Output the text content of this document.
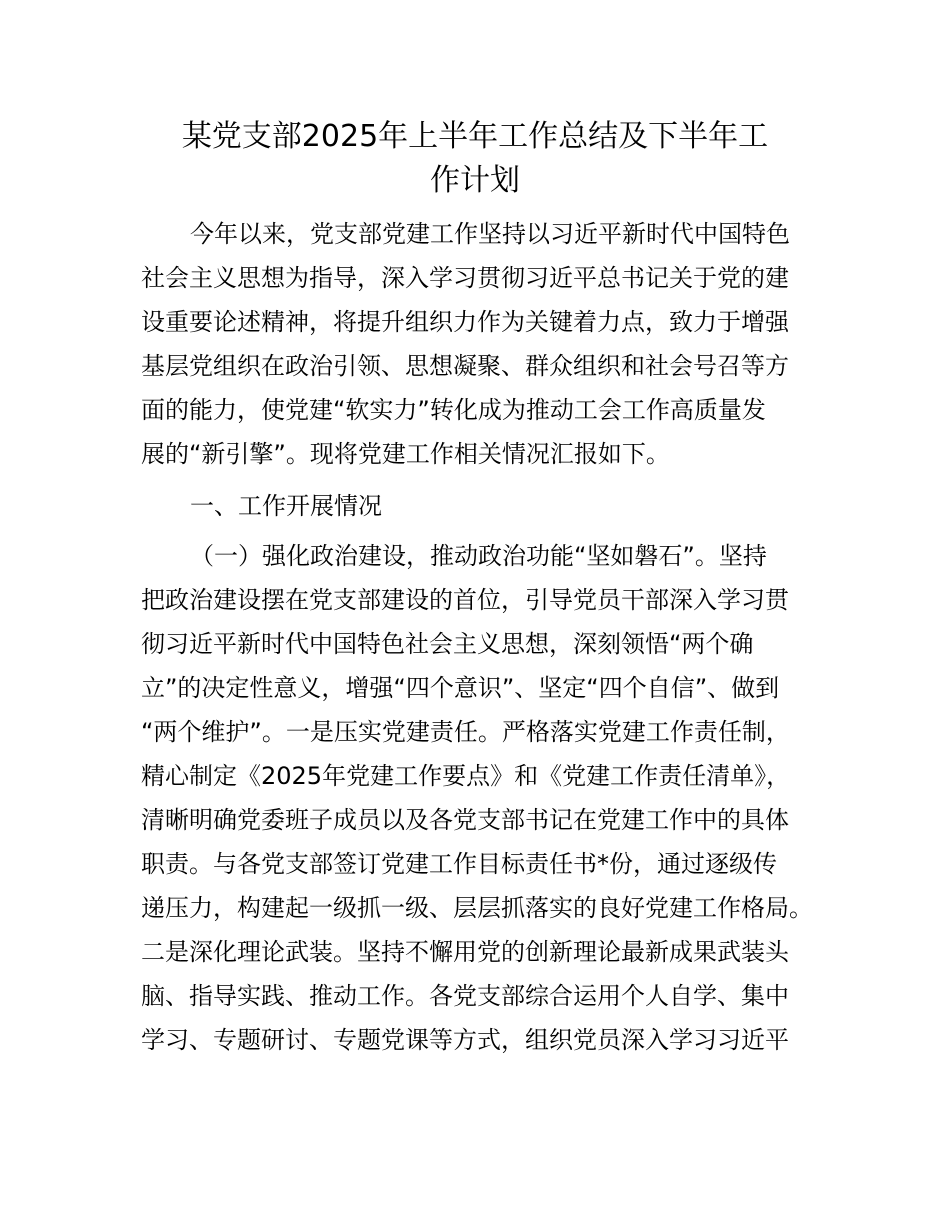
某党支部2025年上半年工作总结及下半年工
作计划

今年以来，党支部党建工作坚持以习近平新时代中国特色

社会主义思想为指导，深入学习贯彻习近平总书记关于党的建

设重要论述精神，将提升组织力作为关键着力点，致力于增强

基层党组织在政治引领、思想凝聚、群众组织和社会号召等方

面的能力，使党建“软实力”转化成为推动工会工作高质量发

展的“新引擎”。现将党建工作相关情况汇报如下。

一、工作开展情况

（一）强化政治建设，推动政治功能“坚如磐石”。坚持

把政治建设摆在党支部建设的首位，引导党员干部深入学习贯

彻习近平新时代中国特色社会主义思想，深刻领悟“两个确

立”的决定性意义，增强“四个意识”、坚定“四个自信”、做到

“两个维护”。一是压实党建责任。严格落实党建工作责任制，

精心制定《2025年党建工作要点》和《党建工作责任清单》，

清晰明确党委班子成员以及各党支部书记在党建工作中的具体

职责。与各党支部签订党建工作目标责任书*份，通过逐级传

递压力，构建起一级抓一级、层层抓落实的良好党建工作格局。

二是深化理论武装。坚持不懈用党的创新理论最新成果武装头

脑、指导实践、推动工作。各党支部综合运用个人自学、集中

学习、专题研讨、专题党课等方式，组织党员深入学习习近平
